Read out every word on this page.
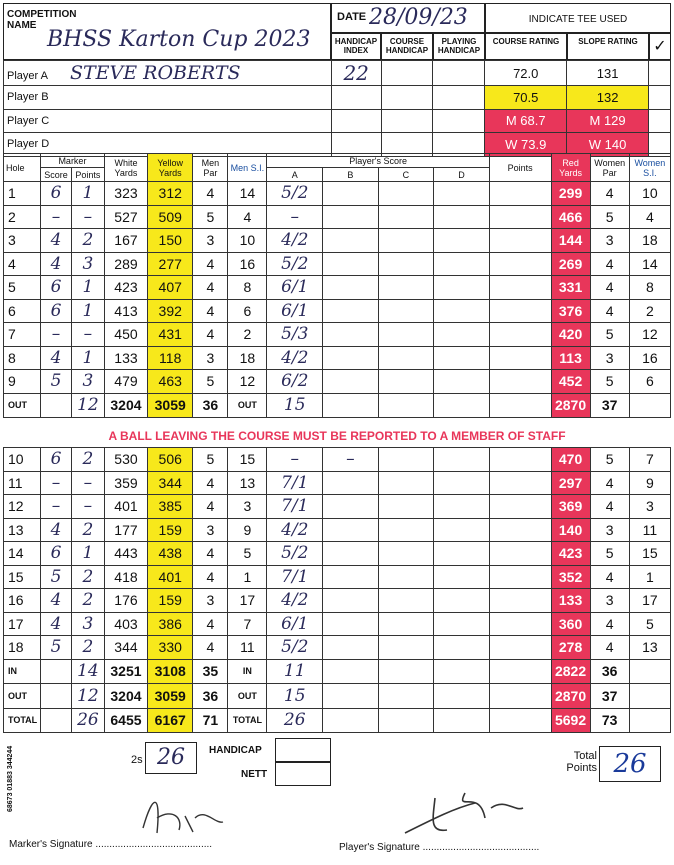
COMPETITION NAME
BHSS Karton Cup 2023
DATE 28/09/23	INDICATE TEE USED
HANDICAP INDEX
COURSE HANDICAP
PLAYING HANDICAP
COURSE RATING	SLOPE RATING ✓
Player A STEVE ROBERTS	22			72.0	131	
Player B				70.5	132	
Player C				M 68.7	M 129	
Player D				W 73.9	W 140	
Hole	Marker		White Yards	Yellow Yards	Men Par	Men S.I.	Player's Score				Points	Red Yards	Women Par	Women S.I.
	Score	Points					A	B	C	D				
1	6	1	323	312	4	14	5/2					299	4	10
2	–	–	527	509	5	4	–					466	5	4
3	4	2	167	150	3	10	4/2					144	3	18
4	4	3	289	277	4	16	5/2					269	4	14
5	6	1	423	407	4	8	6/1					331	4	8
6	6	1	413	392	4	6	6/1					376	4	2
7	–	–	450	431	4	2	5/3					420	5	12
8	4	1	133	118	3	18	4/2					113	3	16
9	5	3	479	463	5	12	6/2					452	5	6
OUT		12	3204	3059	36	OUT	15					2870	37	
A BALL LEAVING THE COURSE MUST BE REPORTED TO A MEMBER OF STAFF
10	6	2	530	506	5	15	–	–				470	5	7
11	–	–	359	344	4	13	7/1					297	4	9
12	–	–	401	385	4	3	7/1					369	4	3
13	4	2	177	159	3	9	4/2					140	3	11
14	6	1	443	438	4	5	5/2					423	5	15
15	5	2	418	401	4	1	7/1					352	4	1
16	4	2	176	159	3	17	4/2					133	3	17
17	4	3	403	386	4	7	6/1					360	4	5
18	5	2	344	330	4	11	5/2					278	4	13
IN		14	3251	3108	35	IN	11					2822	36	
OUT		12	3204	3059	36	OUT	15					2870	37	
TOTAL		26	6455	6167	71	TOTAL	26					5692	73	
68673 01883 344244	2s 26	HANDICAP
NETT
Total Points 26
Marker's Signature ..........................................	Player's Signature ..........................................
